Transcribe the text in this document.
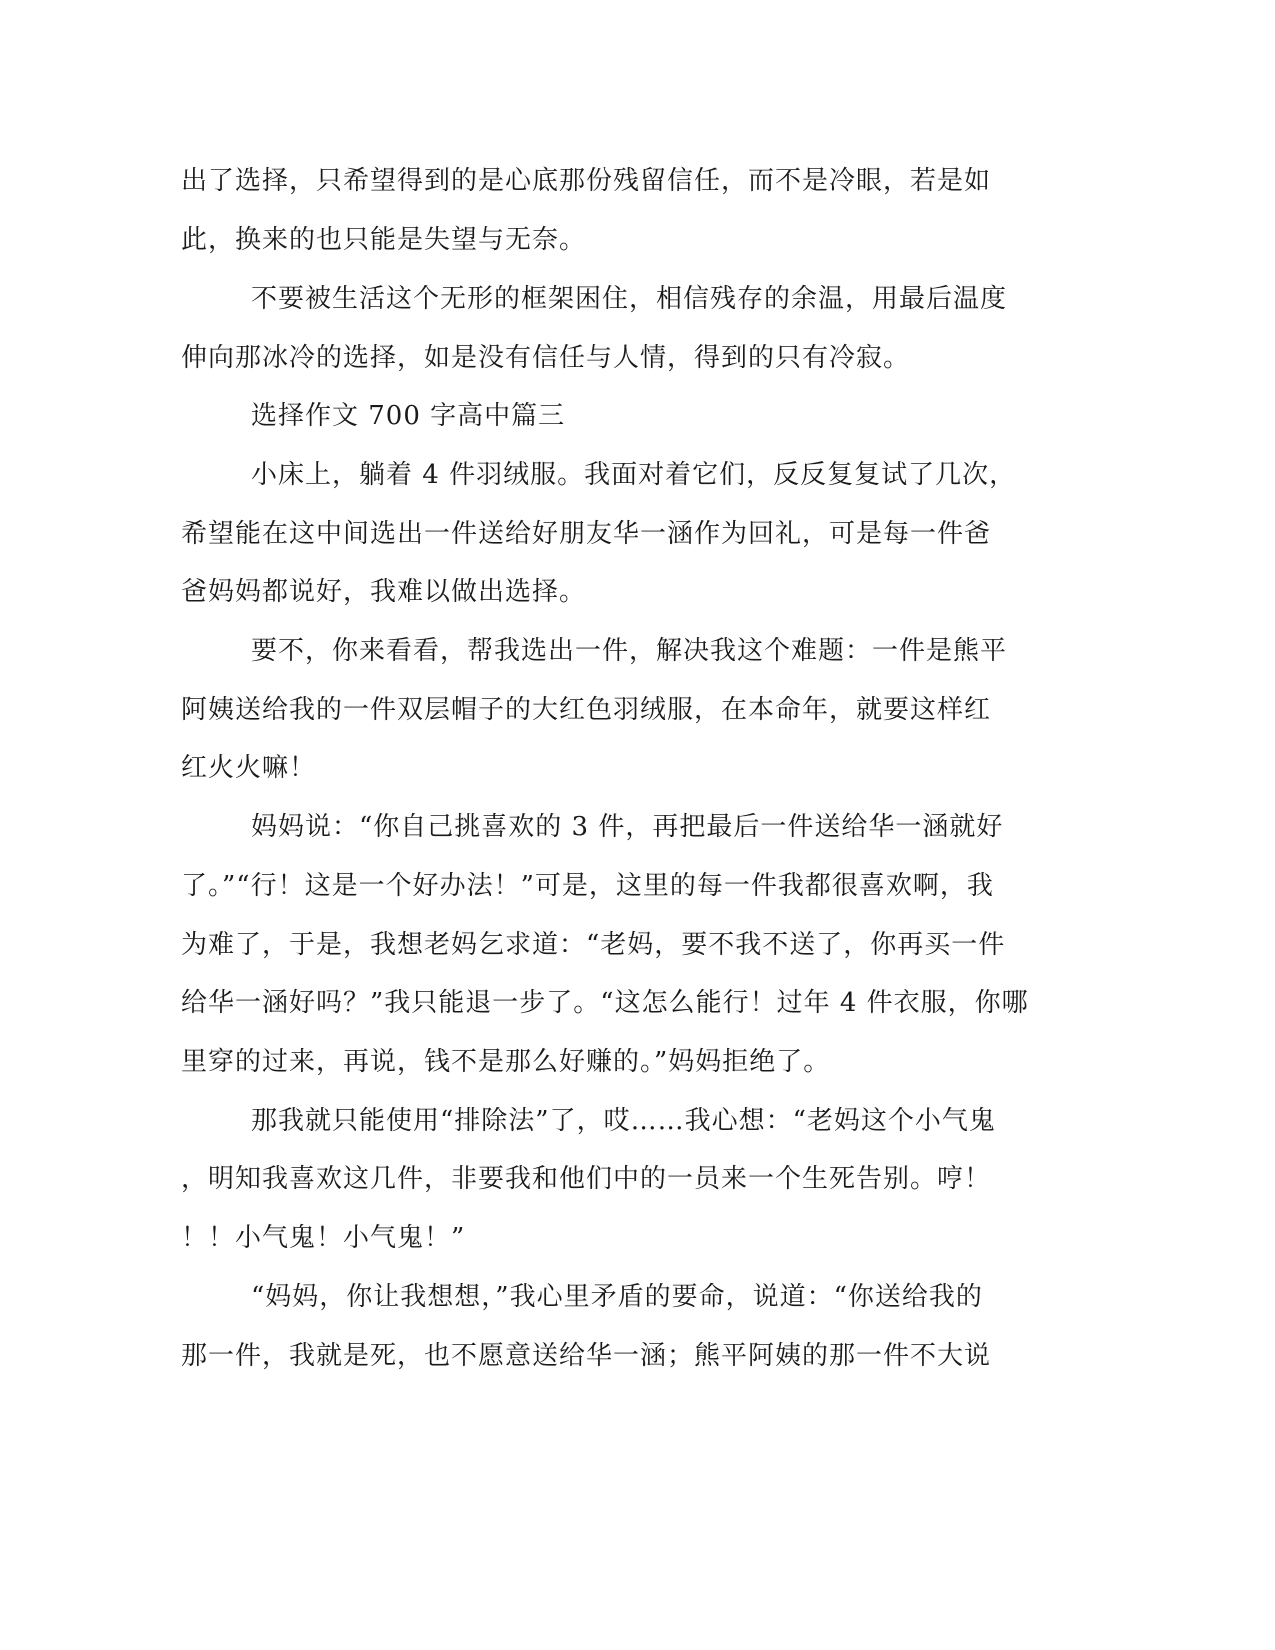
出了选择，只希望得到的是心底那份残留信任，而不是冷眼，若是如
此，换来的也只能是失望与无奈。
不要被生活这个无形的框架困住，相信残存的余温，用最后温度
伸向那冰冷的选择，如是没有信任与人情，得到的只有冷寂。
选择作文 700 字高中篇三
小床上，躺着 4 件羽绒服。我面对着它们，反反复复试了几次，
希望能在这中间选出一件送给好朋友华一涵作为回礼，可是每一件爸
爸妈妈都说好，我难以做出选择。
要不，你来看看，帮我选出一件，解决我这个难题：一件是熊平
阿姨送给我的一件双层帽子的大红色羽绒服，在本命年，就要这样红
红火火嘛！
妈妈说：“你自己挑喜欢的 3 件，再把最后一件送给华一涵就好
了。”“行！这是一个好办法！”可是，这里的每一件我都很喜欢啊，我
为难了，于是，我想老妈乞求道：“老妈，要不我不送了，你再买一件
给华一涵好吗？”我只能退一步了。“这怎么能行！过年 4 件衣服，你哪
里穿的过来，再说，钱不是那么好赚的。”妈妈拒绝了。
那我就只能使用“排除法”了，哎……我心想：“老妈这个小气鬼
，明知我喜欢这几件，非要我和他们中的一员来一个生死告别。哼！
！！小气鬼！小气鬼！”
“妈妈，你让我想想，”我心里矛盾的要命，说道：“你送给我的
那一件，我就是死，也不愿意送给华一涵；熊平阿姨的那一件不大说
